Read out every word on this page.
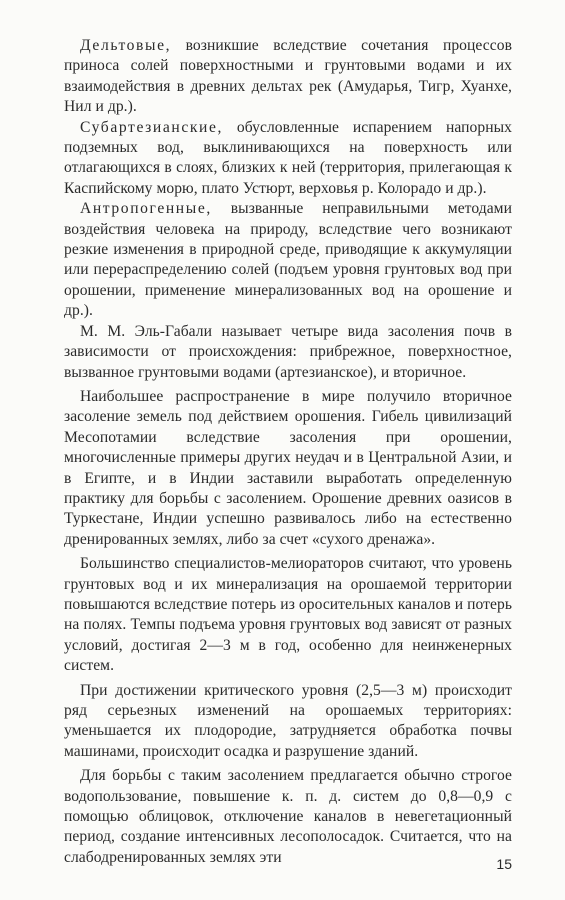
Дельтовые, возникшие вследствие сочетания процессов приноса солей поверхностными и грунтовыми водами и их взаимодействия в древних дельтах рек (Амударья, Тигр, Хуанхе, Нил и др.).

Субартезианские, обусловленные испарением напорных подземных вод, выклинивающихся на поверхность или отлагающихся в слоях, близких к ней (территория, прилегающая к Каспийскому морю, плато Устюрт, верховья р. Колорадо и др.).

Антропогенные, вызванные неправильными методами воздействия человека на природу, вследствие чего возникают резкие изменения в природной среде, приводящие к аккумуляции или перераспределению солей (подъем уровня грунтовых вод при орошении, применение минерализованных вод на орошение и др.).

М. М. Эль-Габали называет четыре вида засоления почв в зависимости от происхождения: прибрежное, поверхностное, вызванное грунтовыми водами (артезианское), и вторичное.

Наибольшее распространение в мире получило вторичное засоление земель под действием орошения. Гибель цивилизаций Месопотамии вследствие засоления при орошении, многочисленные примеры других неудач и в Центральной Азии, и в Египте, и в Индии заставили выработать определенную практику для борьбы с засолением. Орошение древних оазисов в Туркестане, Индии успешно развивалось либо на естественно дренированных землях, либо за счет «сухого дренажа».

Большинство специалистов-мелиораторов считают, что уровень грунтовых вод и их минерализация на орошаемой территории повышаются вследствие потерь из оросительных каналов и потерь на полях. Темпы подъема уровня грунтовых вод зависят от разных условий, достигая 2—3 м в год, особенно для неинженерных систем.

При достижении критического уровня (2,5—3 м) происходит ряд серьезных изменений на орошаемых территориях: уменьшается их плодородие, затрудняется обработка почвы машинами, происходит осадка и разрушение зданий.

Для борьбы с таким засолением предлагается обычно строгое водопользование, повышение к. п. д. систем до 0,8—0,9 с помощью облицовок, отключение каналов в невегетационный период, создание интенсивных лесополосадок. Считается, что на слабодренированных землях эти	15
